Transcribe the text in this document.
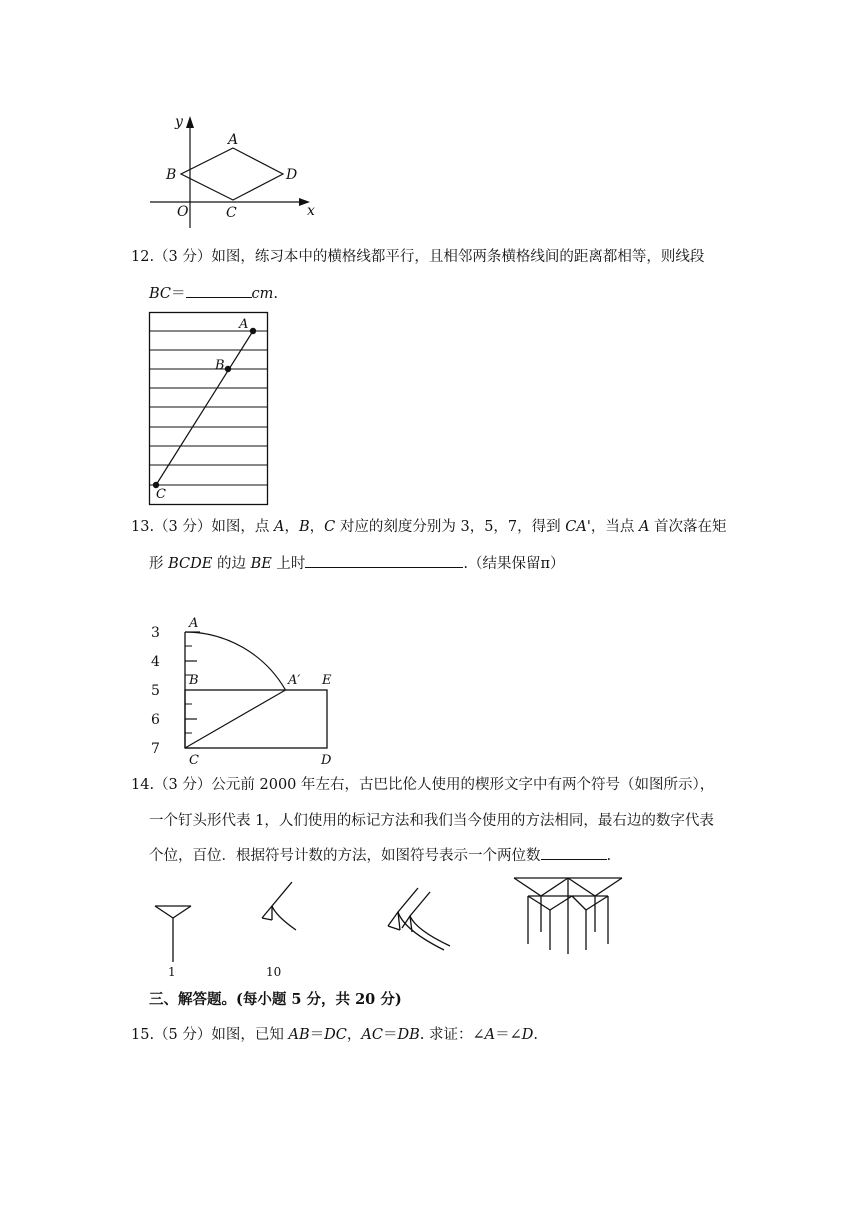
y
x
O
A
B
C
D
12.（3 分）如图，练习本中的横格线都平行，且相邻两条横格线间的距离都相等，则线段
BC＝	cm.
A
B
C
13.（3 分）如图，点 A，B，C 对应的刻度分别为 3，5，7，得到 CA'，当点 A 首次落在矩
形 BCDE 的边 BE 上时	.（结果保留π）
3
4
5
6
7
A
B
C
A′ E
D
14.（3 分）公元前 2000 年左右，古巴比伦人使用的楔形文字中有两个符号（如图所示），
一个钉头形代表 1，人们使用的标记方法和我们当今使用的方法相同，最右边的数字代表
个位，百位．根据符号计数的方法，如图符号表示一个两位数	.
1	10
三、解答题。(每小题 5 分，共 20 分)
15.（5 分）如图，已知 AB＝DC，AC＝DB. 求证：∠A＝∠D.
